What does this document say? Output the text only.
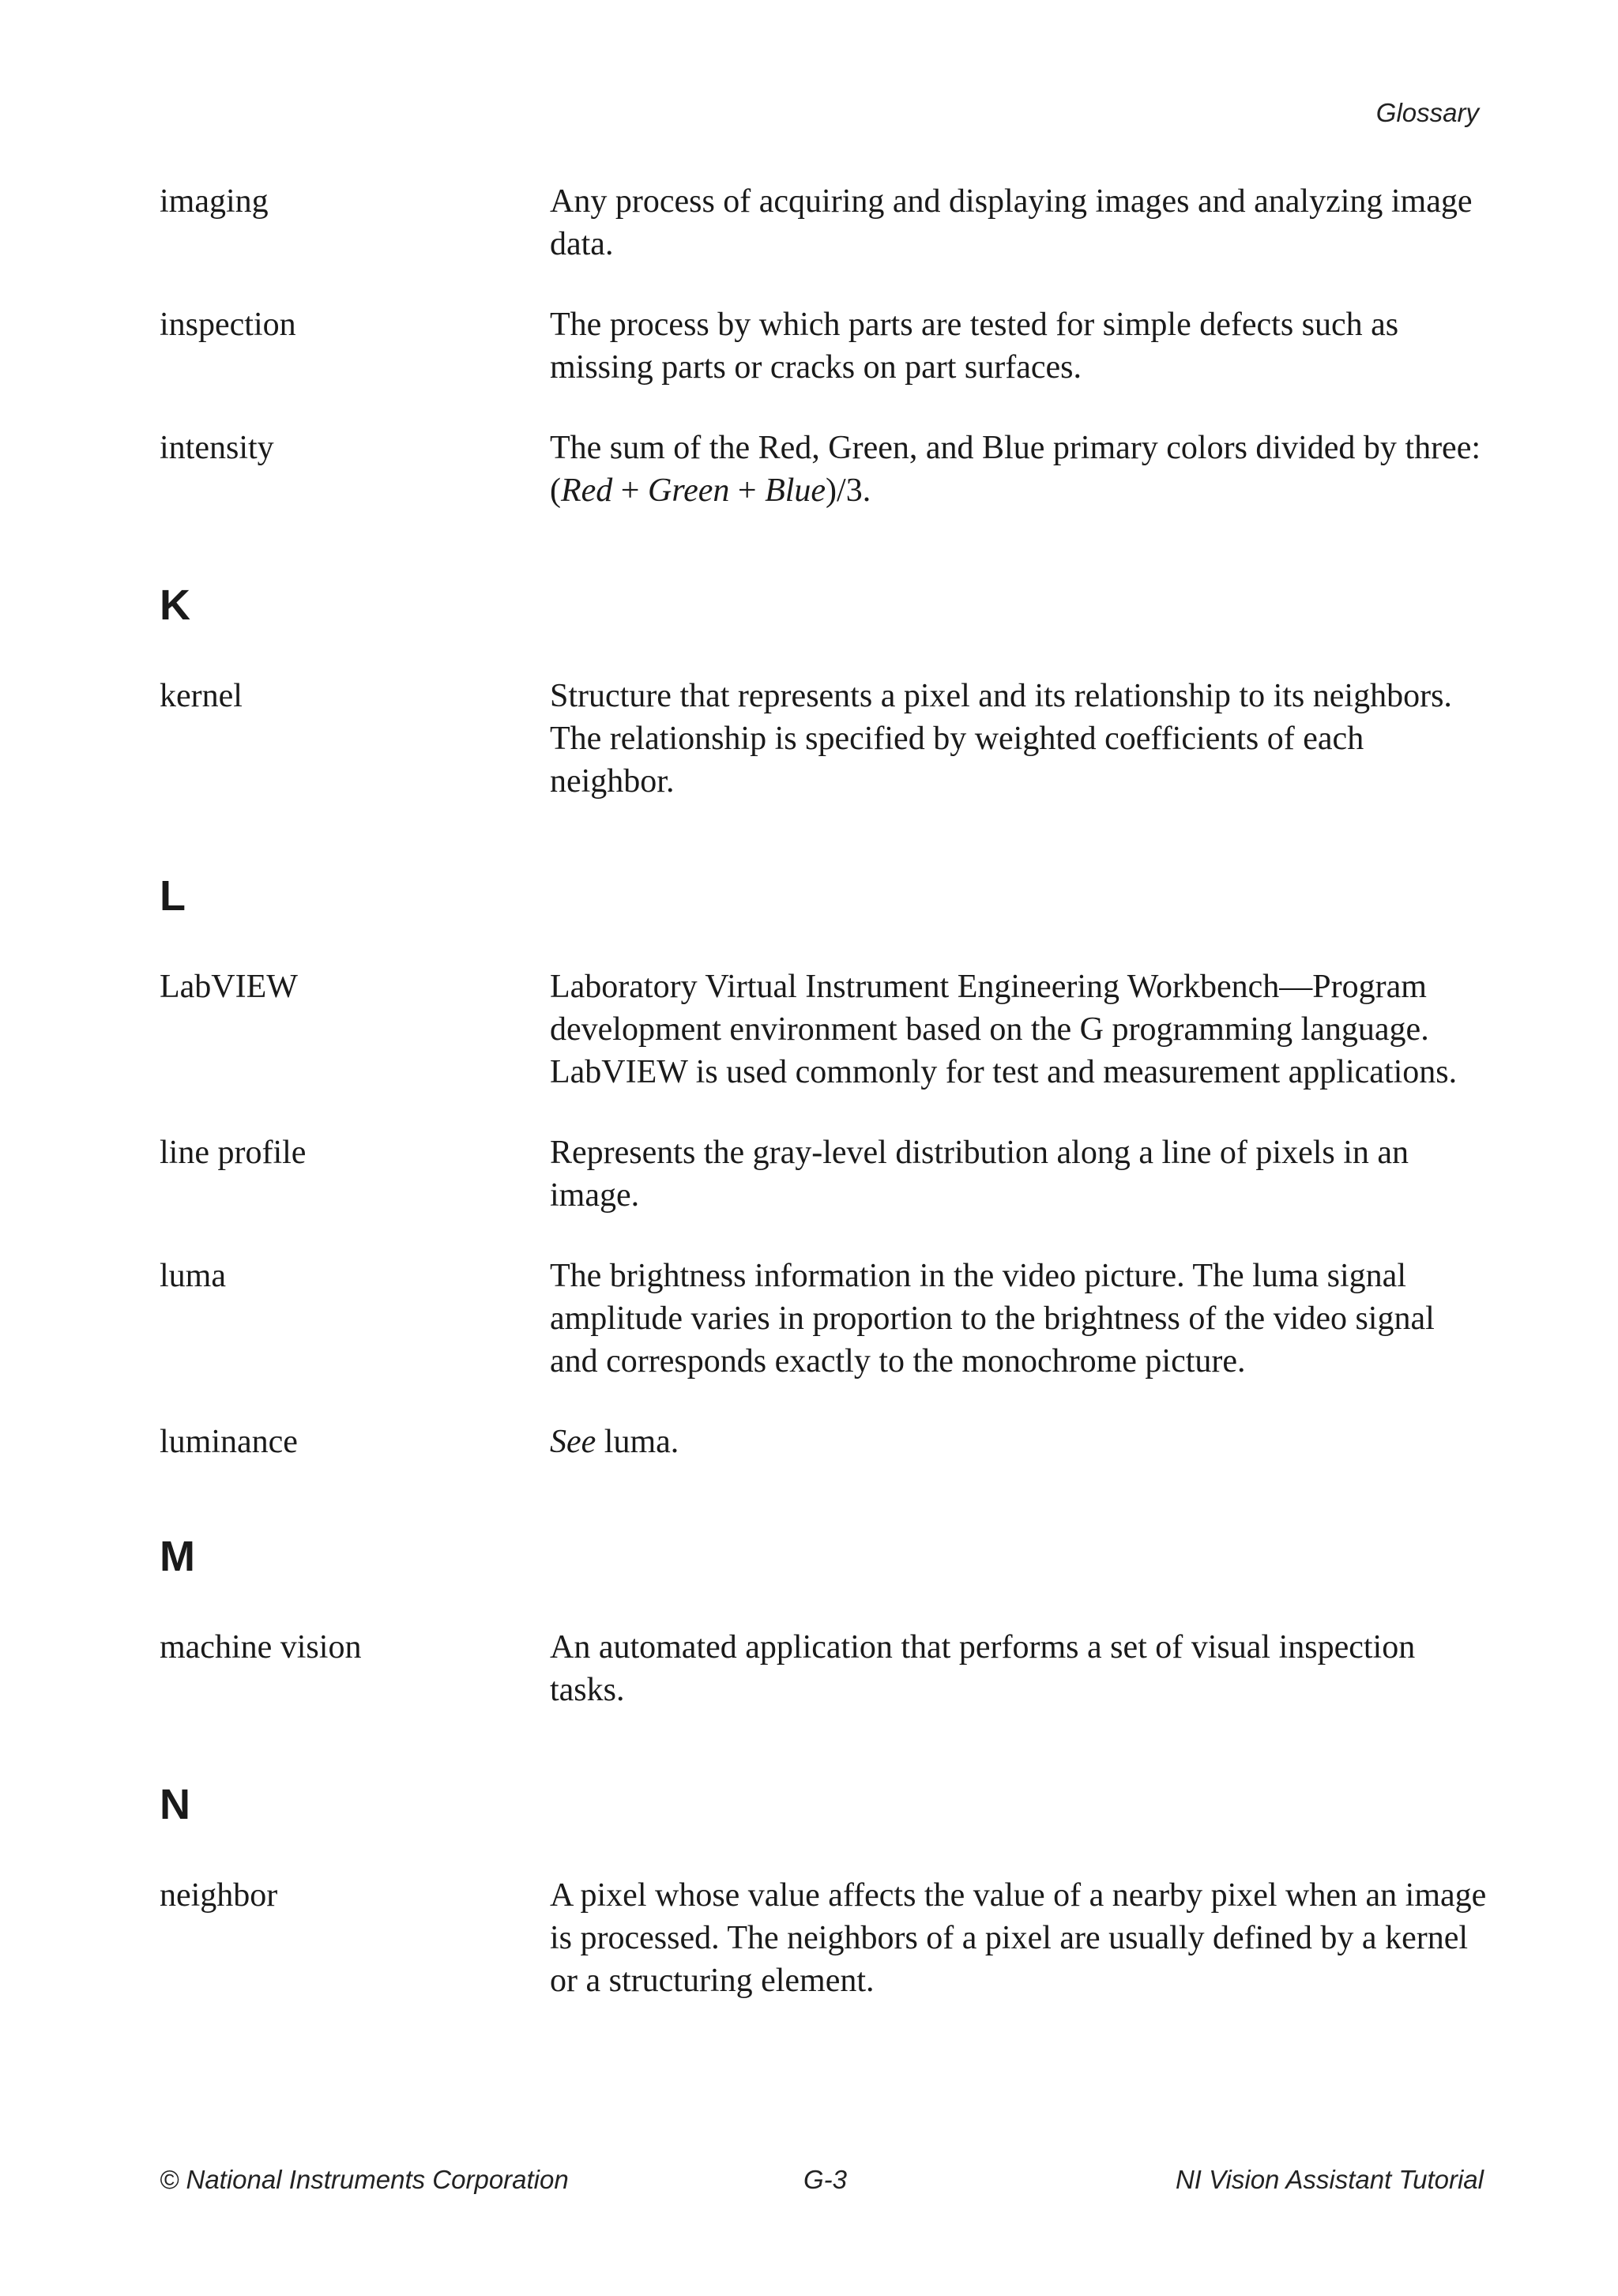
Glossary
imaging	Any process of acquiring and displaying images and analyzing image data.
inspection	The process by which parts are tested for simple defects such as missing parts or cracks on part surfaces.
intensity	The sum of the Red, Green, and Blue primary colors divided by three: (Red + Green + Blue)/3.
K
kernel	Structure that represents a pixel and its relationship to its neighbors. The relationship is specified by weighted coefficients of each neighbor.
L
LabVIEW	Laboratory Virtual Instrument Engineering Workbench—Program development environment based on the G programming language. LabVIEW is used commonly for test and measurement applications.
line profile	Represents the gray-level distribution along a line of pixels in an image.
luma	The brightness information in the video picture. The luma signal amplitude varies in proportion to the brightness of the video signal and corresponds exactly to the monochrome picture.
luminance	See luma.
M
machine vision	An automated application that performs a set of visual inspection tasks.
N
neighbor	A pixel whose value affects the value of a nearby pixel when an image is processed. The neighbors of a pixel are usually defined by a kernel or a structuring element.
© National Instruments Corporation	G-3	NI Vision Assistant Tutorial
